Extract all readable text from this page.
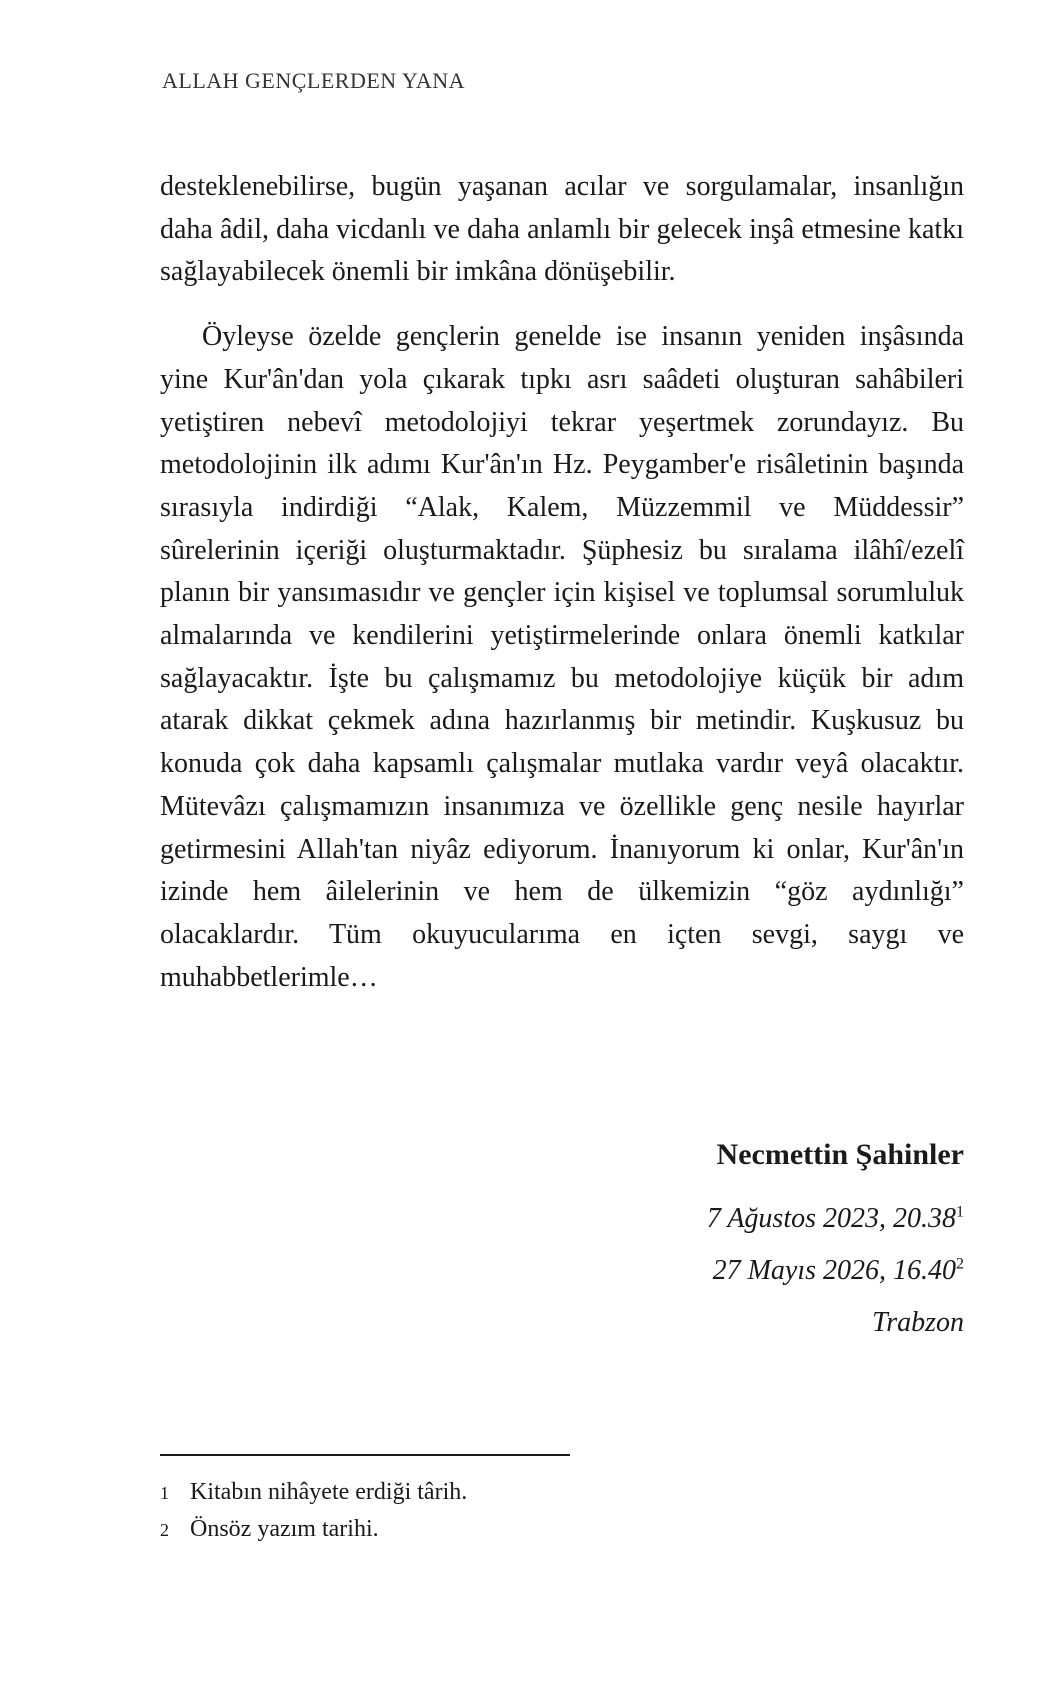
ALLAH GENÇLERDEN YANA

desteklenebilirse, bugün yaşanan acılar ve sorgulamalar, insanlığın daha âdil, daha vicdanlı ve daha anlamlı bir gelecek inşâ etmesine katkı sağlayabilecek önemli bir imkâna dönüşebilir.

Öyleyse özelde gençlerin genelde ise insanın yeniden inşâsında yine Kur'ân'dan yola çıkarak tıpkı asrı saâdeti oluşturan sahâbileri yetiştiren nebevî metodolojiyi tekrar yeşertmek zorundayız. Bu metodolojinin ilk adımı Kur'ân'ın Hz. Peygamber'e risâletinin başında sırasıyla indirdiği “Alak, Kalem, Müzzemmil ve Müddessir” sûrelerinin içeriği oluşturmaktadır. Şüphesiz bu sıralama ilâhî/ezelî planın bir yansımasıdır ve gençler için kişisel ve toplumsal sorumluluk almalarında ve kendilerini yetiştirmelerinde onlara önemli katkılar sağlayacaktır. İşte bu çalışmamız bu metodolojiye küçük bir adım atarak dikkat çekmek adına hazırlanmış bir metindir. Kuşkusuz bu konuda çok daha kapsamlı çalışmalar mutlaka vardır veyâ olacaktır. Mütevâzı çalışmamızın insanımıza ve özellikle genç nesile hayırlar getirmesini Allah'tan niyâz ediyorum. İnanıyorum ki onlar, Kur'ân'ın izinde hem âilelerinin ve hem de ülkemizin “göz aydınlığı” olacaklardır. Tüm okuyucularıma en içten sevgi, saygı ve muhabbetlerimle…

Necmettin Şahinler
7 Ağustos 2023, 20.38$^1$
27 Mayıs 2026, 16.40$^2$
Trabzon
1 Kitabın nihâyete erdiği târih.
2 Önsöz yazım tarihi.
